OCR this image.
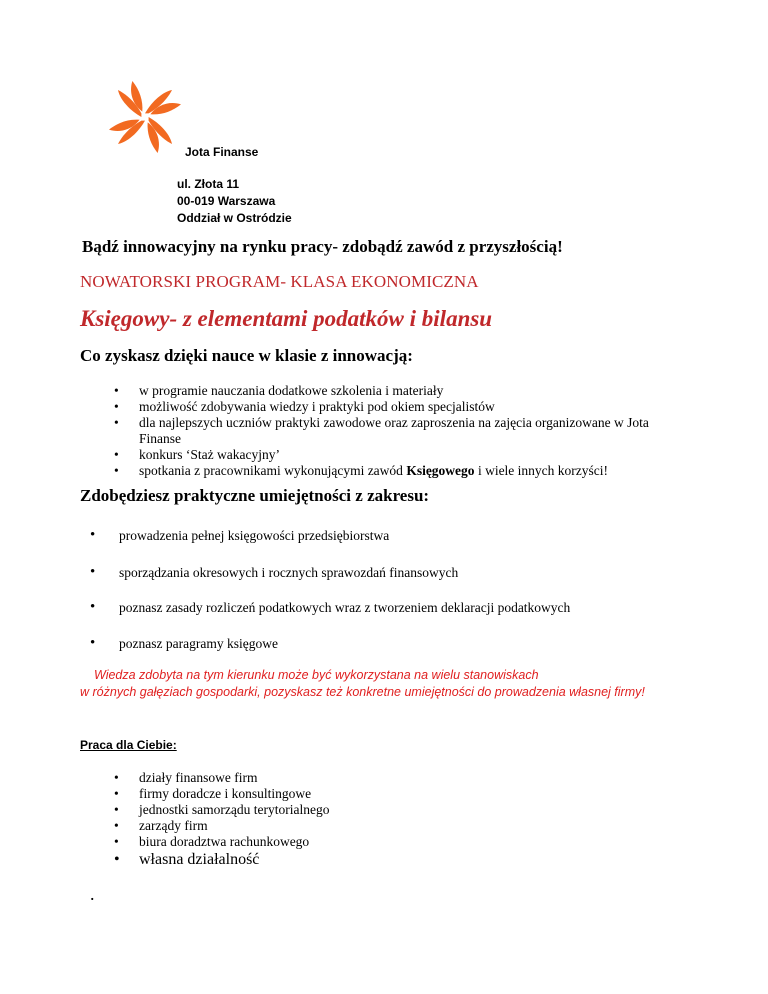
Jota Finanse
ul. Złota 11
00-019 Warszawa
Oddział w Ostródzie
Bądź innowacyjny na rynku pracy- zdobądź zawód z przyszłością!
NOWATORSKI PROGRAM- KLASA EKONOMICZNA
Księgowy- z elementami podatków i bilansu
Co zyskasz dzięki nauce w klasie z innowacją:
• w programie nauczania dodatkowe szkolenia i materiały
• możliwość zdobywania wiedzy i praktyki pod okiem specjalistów
• dla najlepszych uczniów praktyki zawodowe oraz zaproszenia na zajęcia organizowane w Jota Finanse
• konkurs ‘Staż wakacyjny’
• spotkania z pracownikami wykonującymi zawód Księgowego i wiele innych korzyści!
Zdobędziesz praktyczne umiejętności z zakresu:
• prowadzenia pełnej księgowości przedsiębiorstwa
• sporządzania okresowych i rocznych sprawozdań finansowych
• poznasz zasady rozliczeń podatkowych wraz z tworzeniem deklaracji podatkowych
• poznasz paragramy księgowe
Wiedza zdobyta na tym kierunku może być wykorzystana na wielu stanowiskach
w różnych gałęziach gospodarki, pozyskasz też konkretne umiejętności do prowadzenia własnej firmy!
Praca dla Ciebie:
• działy finansowe firm
• firmy doradcze i konsultingowe
• jednostki samorządu terytorialnego
• zarządy firm
• biura doradztwa rachunkowego
• własna działalność
.
